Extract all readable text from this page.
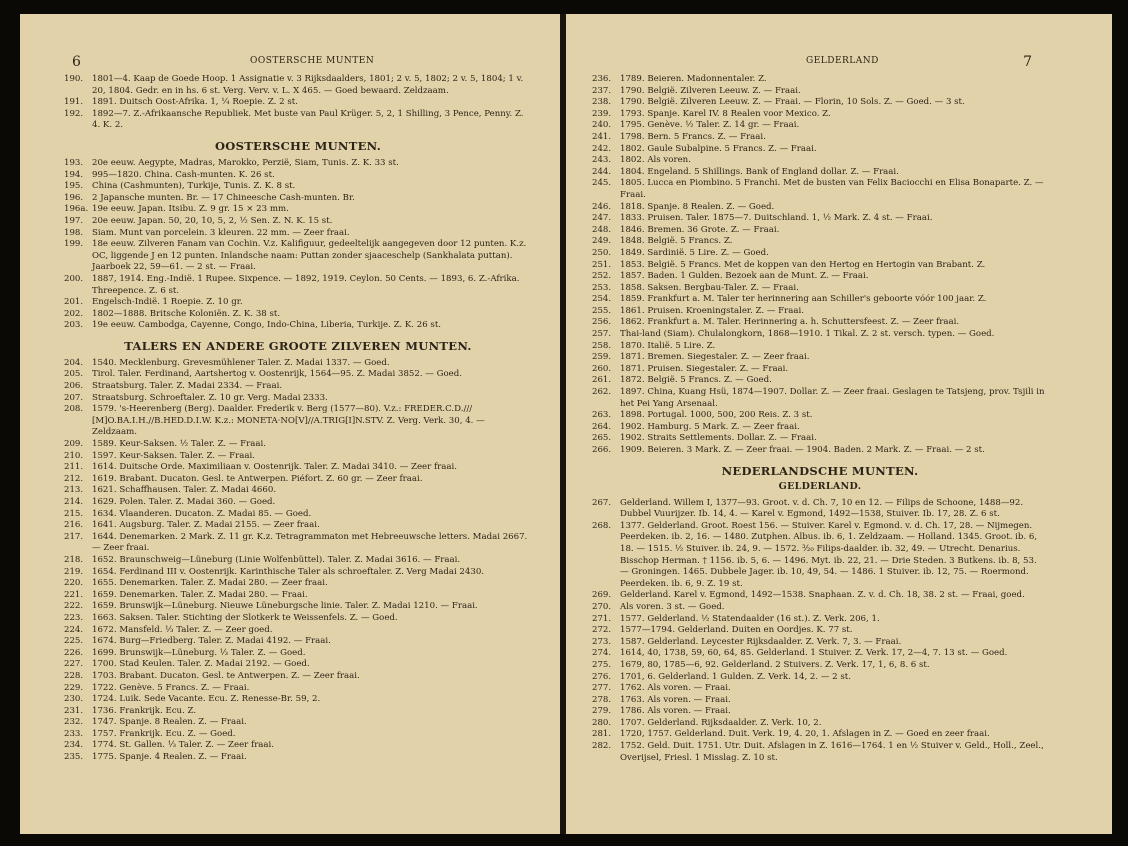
6	OOSTERSCHE MUNTEN
190.	1801—4. Kaap de Goede Hoop. 1 Assignatie v. 3 Rijksdaalders, 1801; 2 v. 5, 1802; 2 v. 5, 1804; 1 v. 20, 1804. Gedr. en in hs. 6 st. Verg. Verv. v. L. X 465. — Goed bewaard. Zeldzaam.
191.	1891. Duitsch Oost-Afrika. 1, ¼ Roepie. Z. 2 st.
192.	1892—7. Z.-Afrikaansche Republiek. Met buste van Paul Krüger. 5, 2, 1 Shilling, 3 Pence, Penny. Z. 4. K. 2.
OOSTERSCHE MUNTEN.
193.	20e eeuw. Aegypte, Madras, Marokko, Perzië, Siam, Tunis. Z. K. 33 st.
194.	995—1820. China. Cash-munten. K. 26 st.
195.	China (Cashmunten), Turkije, Tunis. Z. K. 8 st.
196.	2 Japansche munten. Br. — 17 Chineesche Cash-munten. Br.
196a. 19e eeuw. Japan. Itsibu. Z. 9 gr. 15 × 23 mm.
197.	20e eeuw. Japan. 50, 20, 10, 5, 2, ½ Sen. Z. N. K. 15 st.
198.	Siam. Munt van porcelein. 3 kleuren. 22 mm. — Zeer fraai.
199.	18e eeuw. Zilveren Fanam van Cochin. V.z. Kalifiguur, gedeeltelijk aangegeven door 12 punten. K.z. OC, liggende J en 12 punten. Inlandsche naam: Puttan zonder sjaaceschelp (Sankhalata puttan). Jaarboek 22, 59—61. — 2 st. — Fraai.
200.	1887, 1914. Eng.-Indië. 1 Rupee. Sixpence. — 1892, 1919. Ceylon. 50 Cents. — 1893, 6. Z.-Afrika. Threepence. Z. 6 st.
201.	Engelsch-Indië. 1 Roepie. Z. 10 gr.
202.	1802—1888. Britsche Koloniën. Z. K. 38 st.
203.	19e eeuw. Cambodga, Cayenne, Congo, Indo-China, Liberia, Turkije. Z. K. 26 st.
TALERS EN ANDERE GROOTE ZILVEREN MUNTEN.
204.	1540. Mecklenburg. Grevesmühlener Taler. Z. Madai 1337. — Goed.
205.	Tirol. Taler. Ferdinand, Aartshertog v. Oostenrijk, 1564—95. Z. Madai 3852. — Goed.
206.	Straatsburg. Taler. Z. Madai 2334. — Fraai.
207.	Straatsburg. Schroeftaler. Z. 10 gr. Verg. Madai 2333.
208.	1579. 's-Heerenberg (Berg). Daalder. Frederik v. Berg (1577—80). V.z.: FREDER.C.D./// [M]O.BA.I.H.//B.HED.D.I.W. K.z.: MONETA·NO[V]//A.TRIG[I]N.STV. Z. Verg. Verk. 30, 4. — Zeldzaam.
209.	1589. Keur-Saksen. ½ Taler. Z. — Fraai.
210.	1597. Keur-Saksen. Taler. Z. — Fraai.
211.	1614. Duitsche Orde. Maximiliaan v. Oostenrijk. Taler. Z. Madai 3410. — Zeer fraai.
212.	1619. Brabant. Ducaton. Gesl. te Antwerpen. Piéfort. Z. 60 gr. — Zeer fraai.
213.	1621. Schaffhausen. Taler. Z. Madai 4660.
214.	1629. Polen. Taler. Z. Madai 360. — Goed.
215.	1634. Vlaanderen. Ducaton. Z. Madai 85. — Goed.
216.	1641. Augsburg. Taler. Z. Madai 2155. — Zeer fraai.
217.	1644. Denemarken. 2 Mark. Z. 11 gr. K.z. Tetragrammaton met Hebreeuwsche letters. Madai 2667. — Zeer fraai.
218.	1652. Braunschweig—Lüneburg (Linie Wolfenbüttel). Taler. Z. Madai 3616. — Fraai.
219.	1654. Ferdinand III v. Oostenrijk. Karinthische Taler als schroeftaler. Z. Verg Madai 2430.
220.	1655. Denemarken. Taler. Z. Madai 280. — Zeer fraai.
221.	1659. Denemarken. Taler. Z. Madai 280. — Fraai.
222.	1659. Brunswijk—Lüneburg. Nieuwe Lüneburgsche linie. Taler. Z. Madai 1210. — Fraai.
223.	1663. Saksen. Taler. Stichting der Slotkerk te Weissenfels. Z. — Goed.
224.	1672. Mansfeld. ⅓ Taler. Z. — Zeer goed.
225.	1674. Burg—Friedberg. Taler. Z. Madai 4192. — Fraai.
226.	1699. Brunswijk—Lüneburg. ⅓ Taler. Z. — Goed.
227.	1700. Stad Keulen. Taler. Z. Madai 2192. — Goed.
228.	1703. Brabant. Ducaton. Gesl. te Antwerpen. Z. — Zeer fraai.
229.	1722. Genève. 5 Francs. Z. — Fraai.
230.	1724. Luik. Sede Vacante. Ecu. Z. Renesse-Br. 59, 2.
231.	1736. Frankrijk. Ecu. Z.
232.	1747. Spanje. 8 Realen. Z. — Fraai.
233.	1757. Frankrijk. Ecu. Z. — Goed.
234.	1774. St. Gallen. ⅓ Taler. Z. — Zeer fraai.
235.	1775. Spanje. 4 Realen. Z. — Fraai.
GELDERLAND	7
236.	1789. Beieren. Madonnentaler. Z.
237.	1790. België. Zilveren Leeuw. Z. — Fraai.
238.	1790. België. Zilveren Leeuw. Z. — Fraai. — Florin, 10 Sols. Z. — Goed. — 3 st.
239.	1793. Spanje. Karel IV. 8 Realen voor Mexico. Z.
240.	1795. Genève. ½ Taler. Z. 14 gr. — Fraai.
241.	1798. Bern. 5 Francs. Z. — Fraai.
242.	1802. Gaule Subalpine. 5 Francs. Z. — Fraai.
243.	1802. Als voren.
244.	1804. Engeland. 5 Shillings. Bank of England dollar. Z. — Fraai.
245.	1805. Lucca en Piombino. 5 Franchi. Met de busten van Felix Baciocchi en Elisa Bonaparte. Z. — Fraai.
246.	1818. Spanje. 8 Realen. Z. — Goed.
247.	1833. Pruisen. Taler. 1875—7. Duitschland. 1, ½ Mark. Z. 4 st. — Fraai.
248.	1846. Bremen. 36 Grote. Z. — Fraai.
249.	1848. België. 5 Francs. Z.
250.	1849. Sardinië. 5 Lire. Z. — Goed.
251.	1853. België. 5 Francs. Met de koppen van den Hertog en Hertogin van Brabant. Z.
252.	1857. Baden. 1 Gulden. Bezoek aan de Munt. Z. — Fraai.
253.	1858. Saksen. Bergbau-Taler. Z. — Fraai.
254.	1859. Frankfurt a. M. Taler ter herinnering aan Schiller's geboorte vóór 100 jaar. Z.
255.	1861. Pruisen. Kroeningstaler. Z. — Fraai.
256.	1862. Frankfurt a. M. Taler. Herinnering a. h. Schuttersfeest. Z. — Zeer fraai.
257.	Thai-land (Siam). Chulalongkorn, 1868—1910. 1 Tikal. Z. 2 st. versch. typen. — Goed.
258.	1870. Italië. 5 Lire. Z.
259.	1871. Bremen. Siegestaler. Z. — Zeer fraai.
260.	1871. Pruisen. Siegestaler. Z. — Fraai.
261.	1872. België. 5 Francs. Z. — Goed.
262.	1897. China, Kuang Hsü, 1874—1907. Dollar. Z. — Zeer fraai. Geslagen te Tatsjeng, prov. Tsjili in het Pei Yang Arsenaal.
263.	1898. Portugal. 1000, 500, 200 Reis. Z. 3 st.
264.	1902. Hamburg. 5 Mark. Z. — Zeer fraai.
265.	1902. Straits Settlements. Dollar. Z. — Fraai.
266.	1909. Beieren. 3 Mark. Z. — Zeer fraai. — 1904. Baden. 2 Mark. Z. — Fraai. — 2 st.
NEDERLANDSCHE MUNTEN.
GELDERLAND.
267.	Gelderland. Willem I, 1377—93. Groot. v. d. Ch. 7, 10 en 12. — Filips de Schoone, 1488—92. Dubbel Vuurijzer. Ib. 14, 4. — Karel v. Egmond, 1492—1538, Stuiver. Ib. 17, 28. Z. 6 st.
268.	1377. Gelderland. Groot. Roest 156. — Stuiver. Karel v. Egmond. v. d. Ch. 17, 28. — Nijmegen. Peerdeken. ib. 2, 16. — 1480. Zutphen. Albus. ib. 6, 1. Zeldzaam. — Holland. 1345. Groot. ib. 6, 18. — 1515. ½ Stuiver. ib. 24, 9. — 1572. ³⁄₂₀ Filips-daalder. ib. 32, 49. — Utrecht. Denarius. Bisschop Herman. † 1156. ib. 5, 6. — 1496. Myt. ib. 22, 21. — Drie Steden. 3 Butkens. ib. 8, 53. — Groningen. 1465. Dubbele Jager. ib. 10, 49, 54. — 1486. 1 Stuiver. ib. 12, 75. — Roermond. Peerdeken. ib. 6, 9. Z. 19 st.
269.	Gelderland. Karel v. Egmond, 1492—1538. Snaphaan. Z. v. d. Ch. 18, 38. 2 st. — Fraai, goed.
270.	Als voren. 3 st. — Goed.
271.	1577. Gelderland. ½ Statendaalder (16 st.). Z. Verk. 206, 1.
272.	1577—1794. Gelderland. Duiten en Oordjes. K. 77 st.
273.	1587. Gelderland. Leycester Rijksdaalder. Z. Verk. 7, 3. — Fraai.
274.	1614, 40, 1738, 59, 60, 64, 85. Gelderland. 1 Stuiver. Z. Verk. 17, 2—4, 7. 13 st. — Goed.
275.	1679, 80, 1785—6, 92. Gelderland. 2 Stuivers. Z. Verk. 17, 1, 6, 8. 6 st.
276.	1701, 6. Gelderland. 1 Gulden. Z. Verk. 14, 2. — 2 st.
277.	1762. Als voren. — Fraai.
278.	1763. Als voren. — Fraai.
279.	1786. Als voren. — Fraai.
280.	1707. Gelderland. Rijksdaalder. Z. Verk. 10, 2.
281.	1720, 1757. Gelderland. Duit. Verk. 19, 4. 20, 1. Afslagen in Z. — Goed en zeer fraai.
282.	1752. Geld. Duit. 1751. Utr. Duit. Afslagen in Z. 1616—1764. 1 en ½ Stuiver v. Geld., Holl., Zeel., Overijsel, Friesl. 1 Misslag. Z. 10 st.
